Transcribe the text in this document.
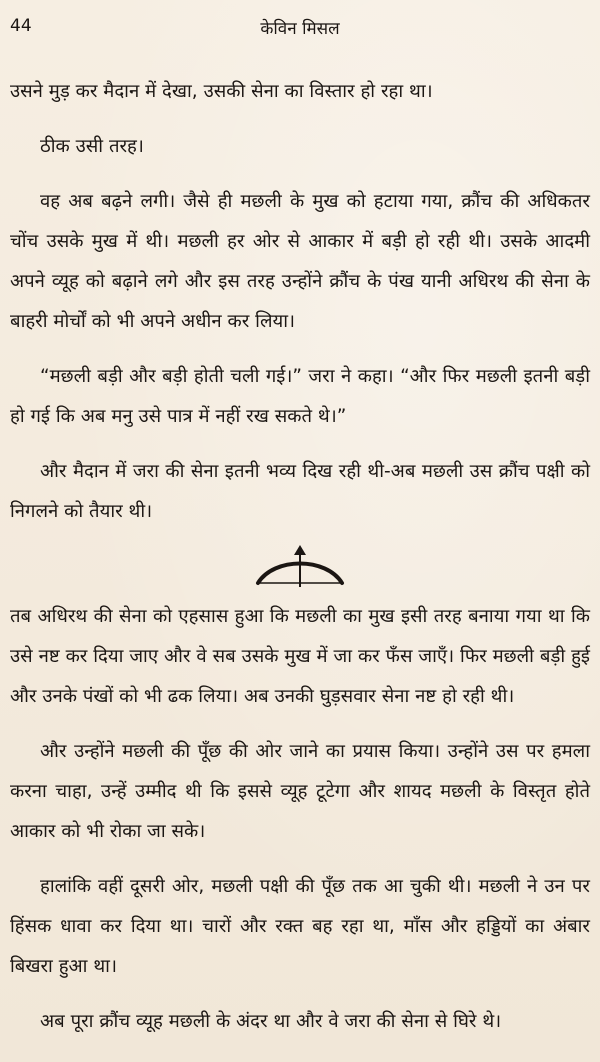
44	केविन मिसल

उसने मुड़ कर मैदान में देखा, उसकी सेना का विस्तार हो रहा था।

ठीक उसी तरह।

वह अब बढ़ने लगी। जैसे ही मछली के मुख को हटाया गया, क्रौंच की अधिकतर चोंच उसके मुख में थी। मछली हर ओर से आकार में बड़ी हो रही थी। उसके आदमी अपने व्यूह को बढ़ाने लगे और इस तरह उन्होंने क्रौंच के पंख यानी अधिरथ की सेना के बाहरी मोर्चों को भी अपने अधीन कर लिया।

“मछली बड़ी और बड़ी होती चली गई।” जरा ने कहा। “और फिर मछली इतनी बड़ी हो गई कि अब मनु उसे पात्र में नहीं रख सकते थे।”

और मैदान में जरा की सेना इतनी भव्य दिख रही थी-अब मछली उस क्रौंच पक्षी को निगलने को तैयार थी।

तब अधिरथ की सेना को एहसास हुआ कि मछली का मुख इसी तरह बनाया गया था कि उसे नष्ट कर दिया जाए और वे सब उसके मुख में जा कर फँस जाएँ। फिर मछली बड़ी हुई और उनके पंखों को भी ढक लिया। अब उनकी घुड़सवार सेना नष्ट हो रही थी।

और उन्होंने मछली की पूँछ की ओर जाने का प्रयास किया। उन्होंने उस पर हमला करना चाहा, उन्हें उम्मीद थी कि इससे व्यूह टूटेगा और शायद मछली के विस्तृत होते आकार को भी रोका जा सके।

हालांकि वहीं दूसरी ओर, मछली पक्षी की पूँछ तक आ चुकी थी। मछली ने उन पर हिंसक धावा कर दिया था। चारों और रक्त बह रहा था, माँस और हड्डियों का अंबार बिखरा हुआ था।

अब पूरा क्रौंच व्यूह मछली के अंदर था और वे जरा की सेना से घिरे थे।
